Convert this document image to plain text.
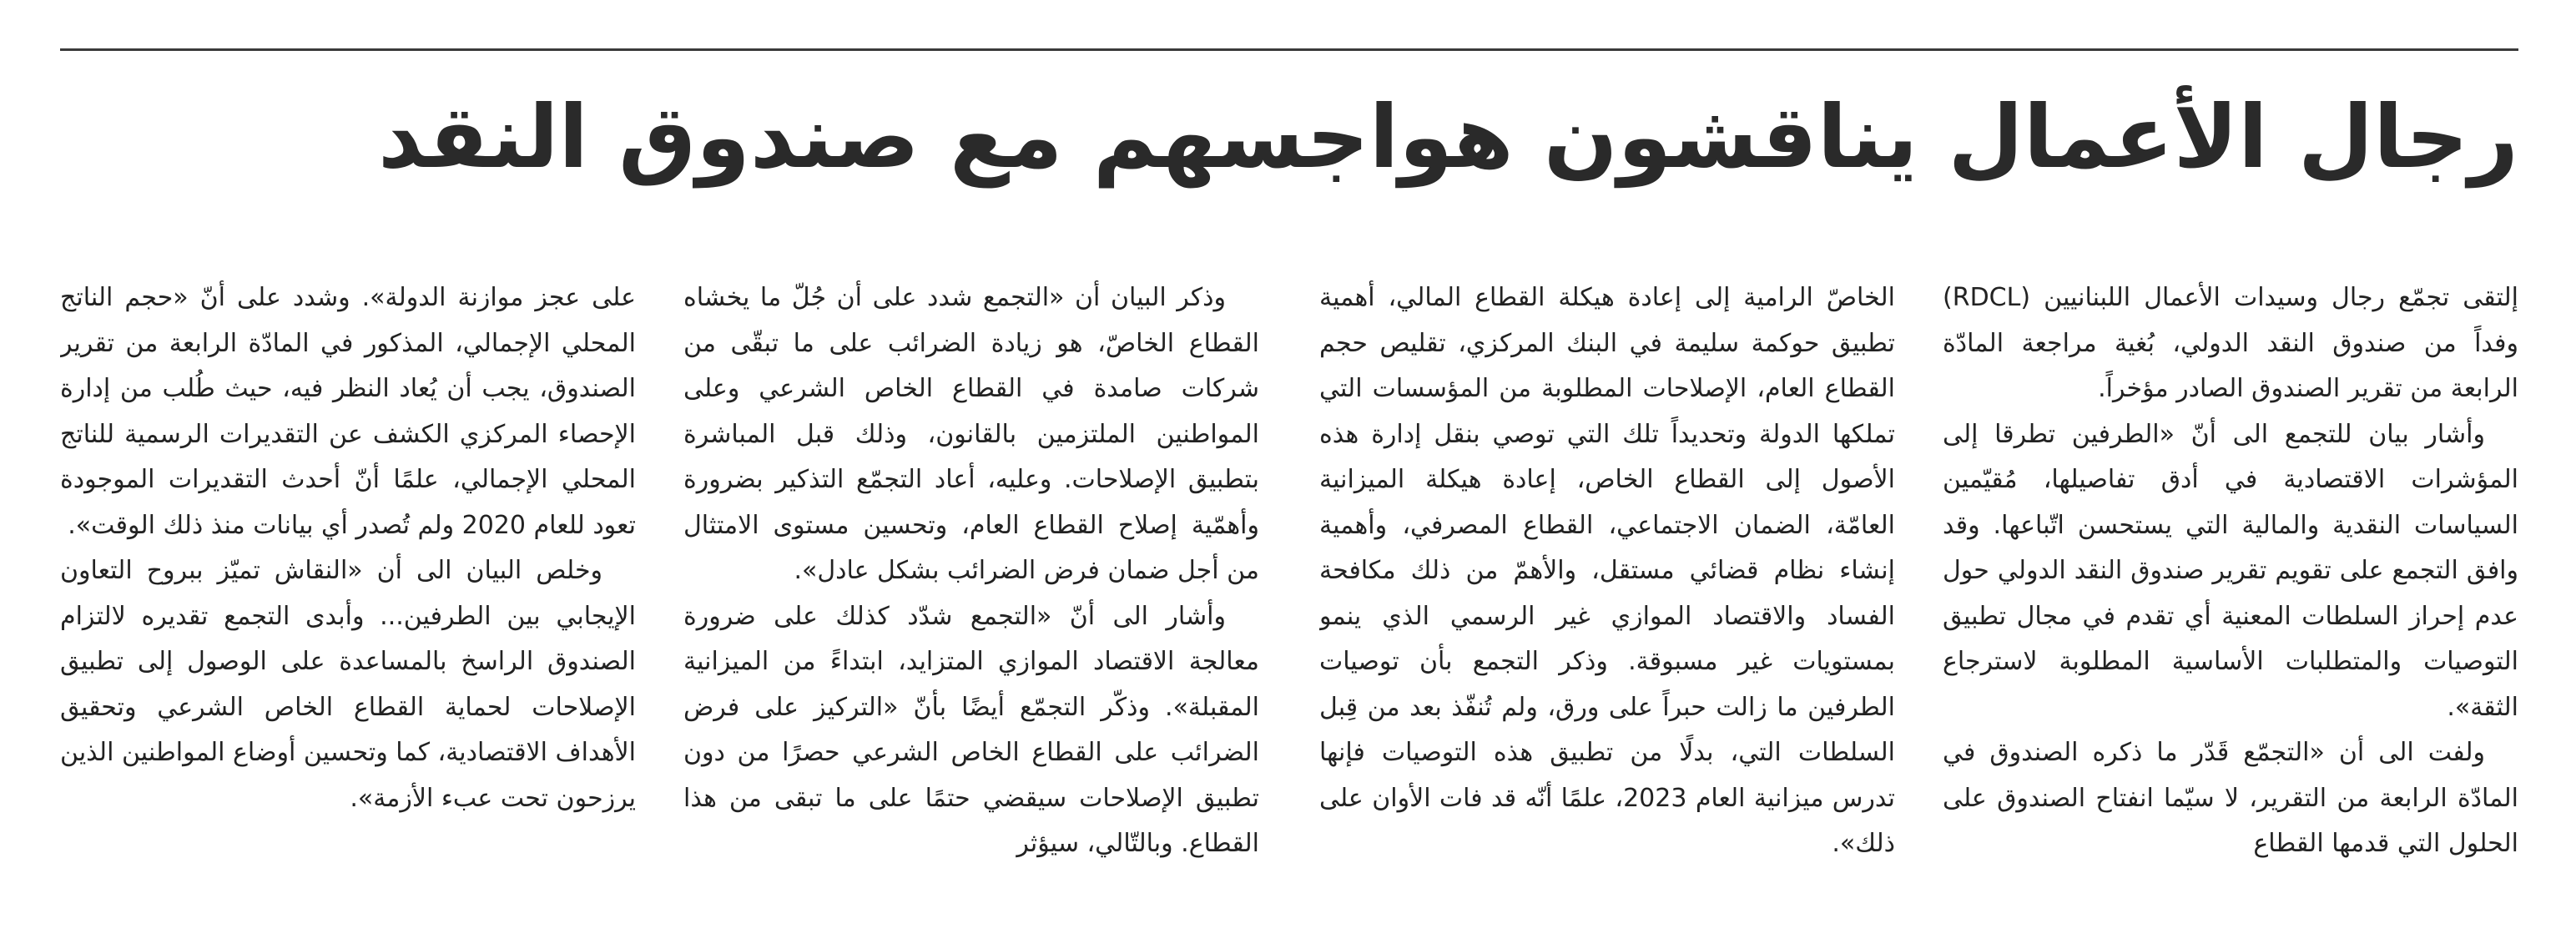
رجال الأعمال يناقشون هواجسهم مع صندوق النقد

إلتقى تجمّع رجال وسيدات الأعمال اللبنانيين (RDCL) وفداً من صندوق النقد الدولي، بُغية مراجعة المادّة الرابعة من تقرير الصندوق الصادر مؤخراً.

وأشار بيان للتجمع الى أنّ «الطرفين تطرقا إلى المؤشرات الاقتصادية في أدق تفاصيلها، مُقيّمين السياسات النقدية والمالية التي يستحسن اتّباعها. وقد وافق التجمع على تقويم تقرير صندوق النقد الدولي حول عدم إحراز السلطات المعنية أي تقدم في مجال تطبيق التوصيات والمتطلبات الأساسية المطلوبة لاسترجاع الثقة».

ولفت الى أن «التجمّع قَدّر ما ذكره الصندوق في المادّة الرابعة من التقرير، لا سيّما انفتاح الصندوق على الحلول التي قدمها القطاع

الخاصّ الرامية إلى إعادة هيكلة القطاع المالي، أهمية تطبيق حوكمة سليمة في البنك المركزي، تقليص حجم القطاع العام، الإصلاحات المطلوبة من المؤسسات التي تملكها الدولة وتحديداً تلك التي توصي بنقل إدارة هذه الأصول إلى القطاع الخاص، إعادة هيكلة الميزانية العامّة، الضمان الاجتماعي، القطاع المصرفي، وأهمية إنشاء نظام قضائي مستقل، والأهمّ من ذلك مكافحة الفساد والاقتصاد الموازي غير الرسمي الذي ينمو بمستويات غير مسبوقة. وذكر التجمع بأن توصيات الطرفين ما زالت حبراً على ورق، ولم تُنفّذ بعد من قِبل السلطات التي، بدلًا من تطبيق هذه التوصيات فإنها تدرس ميزانية العام 2023، علمًا أنّه قد فات الأوان على ذلك».

وذكر البيان أن «التجمع شدد على أن جُلّ ما يخشاه القطاع الخاصّ، هو زيادة الضرائب على ما تبقّى من شركات صامدة في القطاع الخاص الشرعي وعلى المواطنين الملتزمين بالقانون، وذلك قبل المباشرة بتطبيق الإصلاحات. وعليه، أعاد التجمّع التذكير بضرورة وأهمّية إصلاح القطاع العام، وتحسين مستوى الامتثال من أجل ضمان فرض الضرائب بشكل عادل».

وأشار الى أنّ «التجمع شدّد كذلك على ضرورة معالجة الاقتصاد الموازي المتزايد، ابتداءً من الميزانية المقبلة». وذكّر التجمّع أيضًا بأنّ «التركيز على فرض الضرائب على القطاع الخاص الشرعي حصرًا من دون تطبيق الإصلاحات سيقضي حتمًا على ما تبقى من هذا القطاع. وبالتّالي، سيؤثر

على عجز موازنة الدولة». وشدد على أنّ «حجم الناتج المحلي الإجمالي، المذكور في المادّة الرابعة من تقرير الصندوق، يجب أن يُعاد النظر فيه، حيث طُلب من إدارة الإحصاء المركزي الكشف عن التقديرات الرسمية للناتج المحلي الإجمالي، علمًا أنّ أحدث التقديرات الموجودة تعود للعام 2020 ولم تُصدر أي بيانات منذ ذلك الوقت».

وخلص البيان الى أن «النقاش تميّز ببروح التعاون الإيجابي بين الطرفين... وأبدى التجمع تقديره لالتزام الصندوق الراسخ بالمساعدة على الوصول إلى تطبيق الإصلاحات لحماية القطاع الخاص الشرعي وتحقيق الأهداف الاقتصادية، كما وتحسين أوضاع المواطنين الذين يرزحون تحت عبء الأزمة».
